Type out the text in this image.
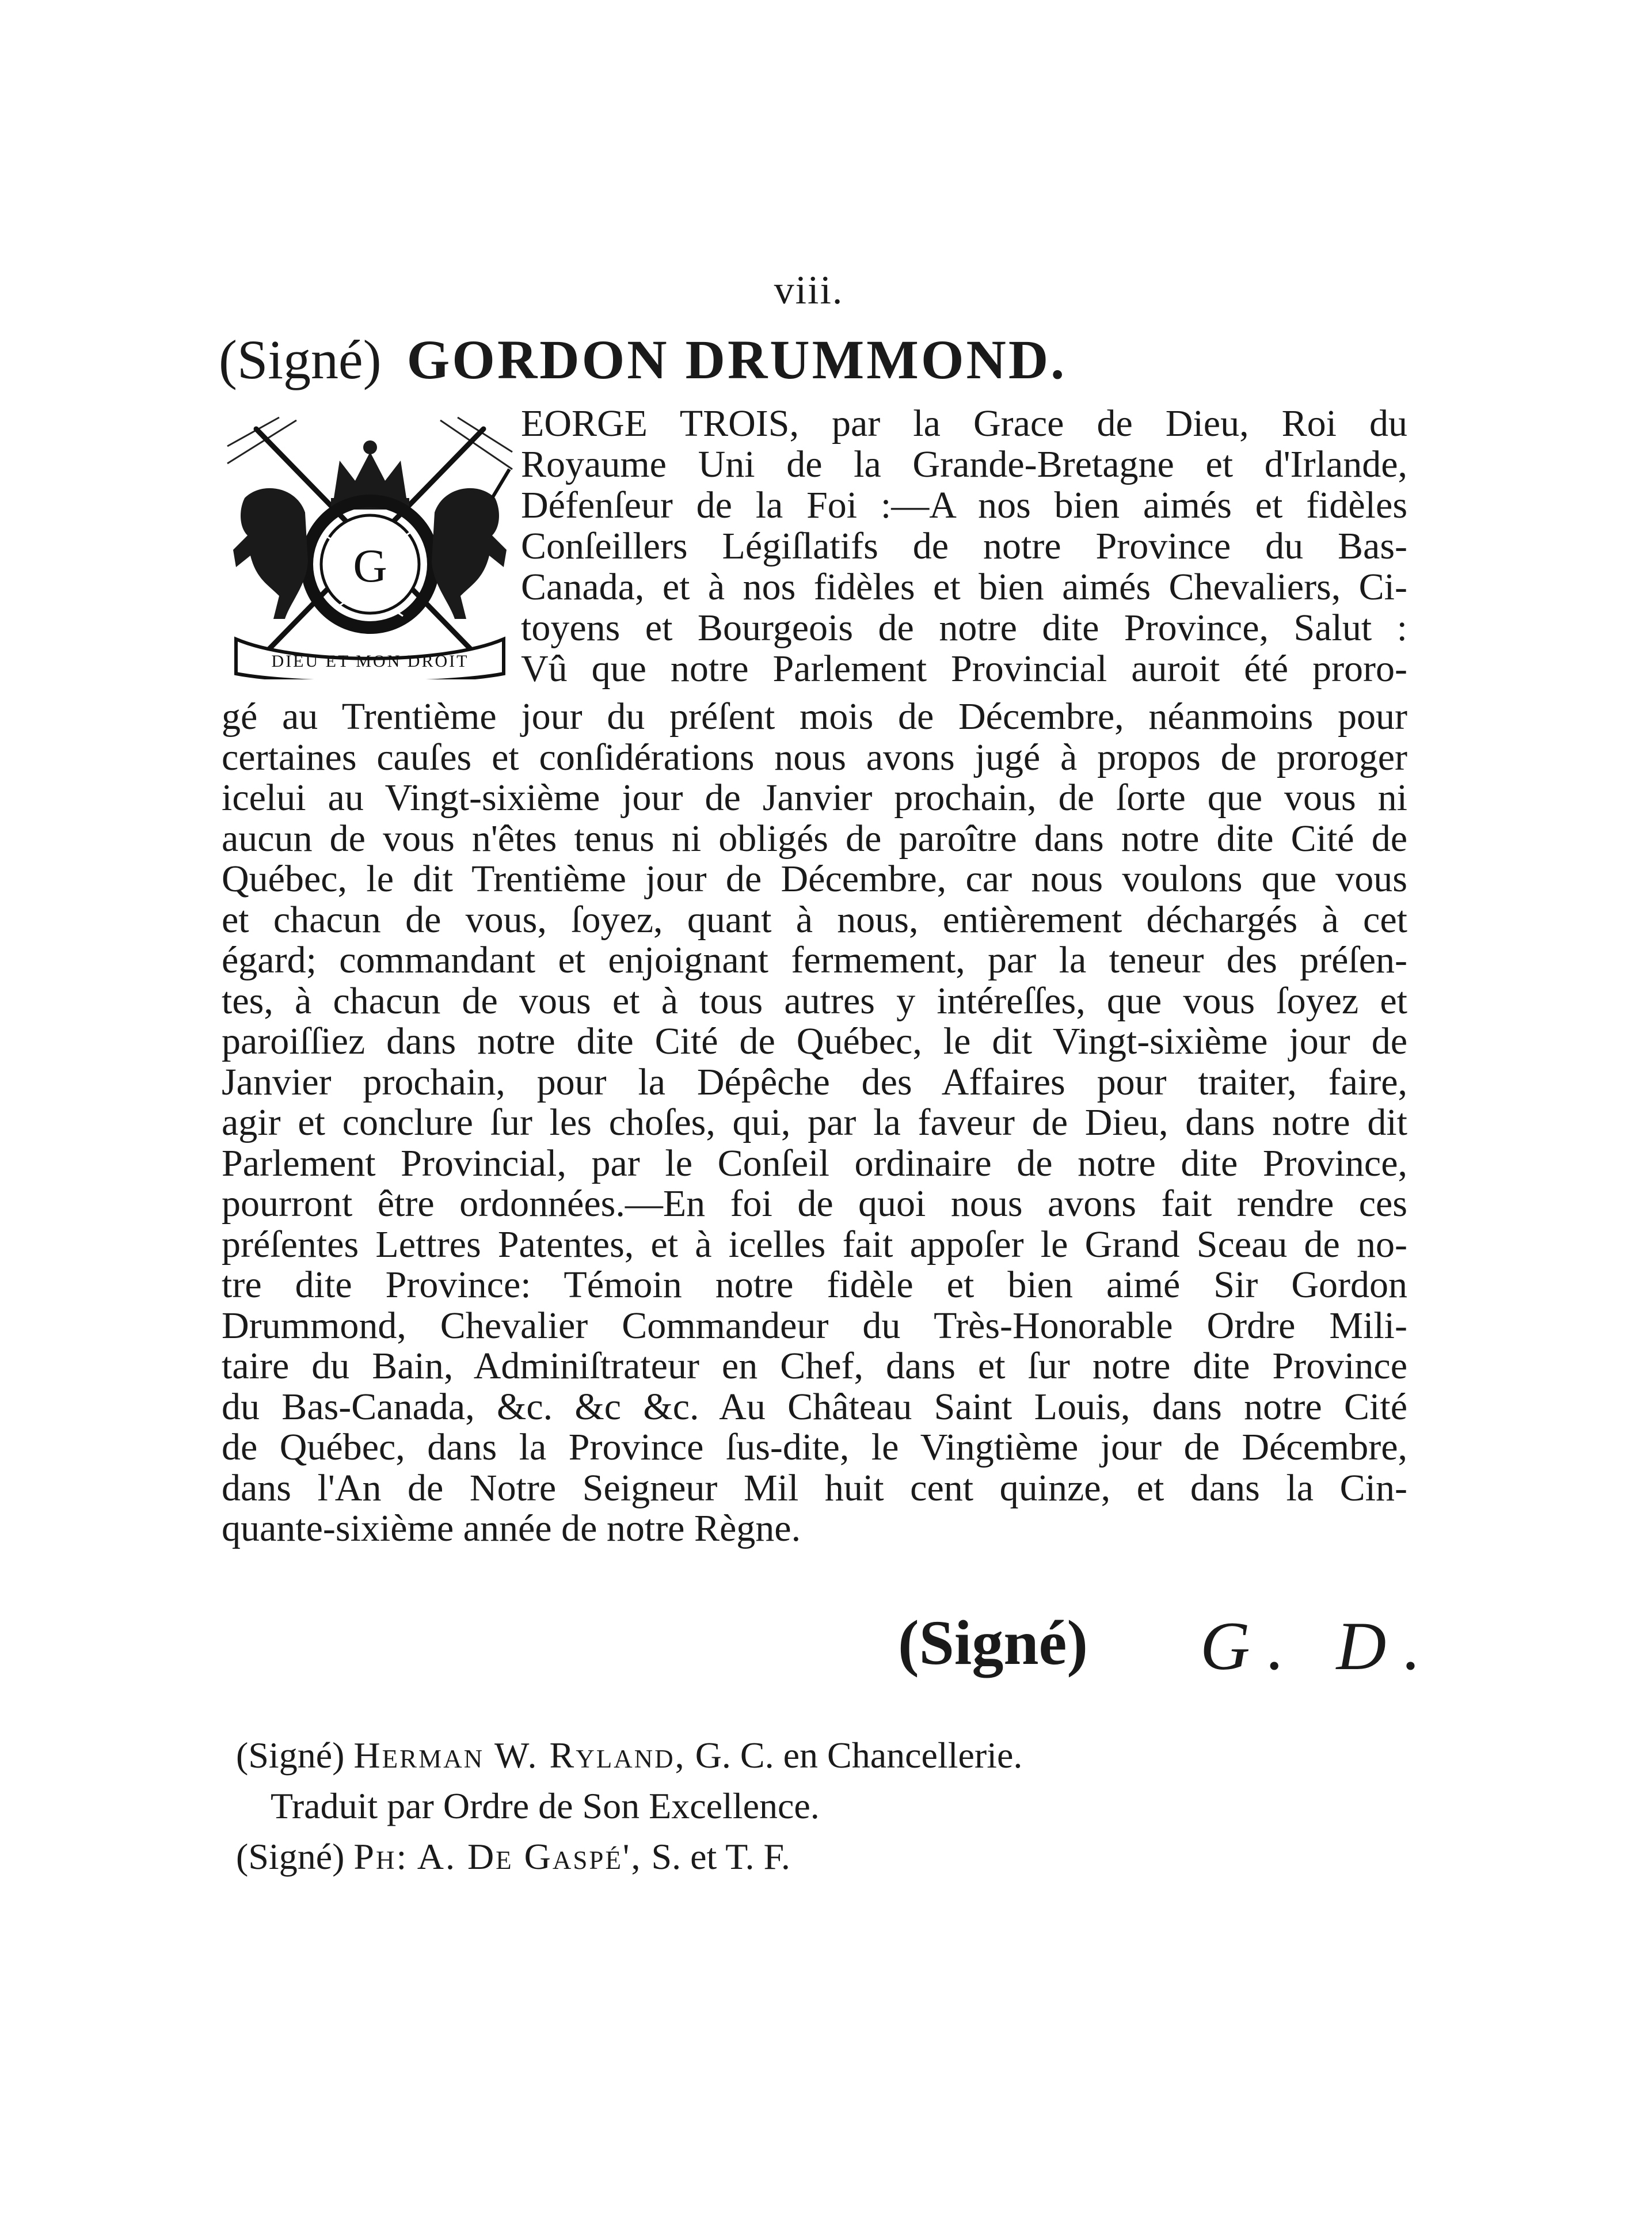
viii.
(Signé) GORDON DRUMMOND.
G
DIEU ET MON DROIT
EORGE TROIS, par la Grace de Dieu, Roi du
Royaume Uni de la Grande-Bretagne et d'Irlande,
Défenſeur de la Foi :—A nos bien aimés et fidèles
Conſeillers Légiſlatifs de notre Province du Bas-
Canada, et à nos fidèles et bien aimés Chevaliers, Ci-
toyens et Bourgeois de notre dite Province, Salut :
Vû que notre Parlement Provincial auroit été proro-
gé au Trentième jour du préſent mois de Décembre, néanmoins pour
certaines cauſes et conſidérations nous avons jugé à propos de proroger
icelui au Vingt-sixième jour de Janvier prochain, de ſorte que vous ni
aucun de vous n'êtes tenus ni obligés de paroître dans notre dite Cité de
Québec, le dit Trentième jour de Décembre, car nous voulons que vous
et chacun de vous, ſoyez, quant à nous, entièrement déchargés à cet
égard; commandant et enjoignant fermement, par la teneur des préſen-
tes, à chacun de vous et à tous autres y intéreſſes, que vous ſoyez et
paroiſſiez dans notre dite Cité de Québec, le dit Vingt-sixième jour de
Janvier prochain, pour la Dépêche des Affaires pour traiter, faire,
agir et conclure ſur les choſes, qui, par la faveur de Dieu, dans notre dit
Parlement Provincial, par le Conſeil ordinaire de notre dite Province,
pourront être ordonnées.—En foi de quoi nous avons fait rendre ces
préſentes Lettres Patentes, et à icelles fait appoſer le Grand Sceau de no-
tre dite Province: Témoin notre fidèle et bien aimé Sir Gordon
Drummond, Chevalier Commandeur du Très-Honorable Ordre Mili-
taire du Bain, Adminiſtrateur en Chef, dans et ſur notre dite Province
du Bas-Canada, &c. &c &c. Au Château Saint Louis, dans notre Cité
de Québec, dans la Province ſus-dite, le Vingtième jour de Décembre,
dans l'An de Notre Seigneur Mil huit cent quinze, et dans la Cin-
quante-sixième année de notre Règne.
(Signé) G. D.
(Signé) Herman W. Ryland, G. C. en Chancellerie.
Traduit par Ordre de Son Excellence.
(Signé) Ph: A. De Gaspé', S. et T. F.
